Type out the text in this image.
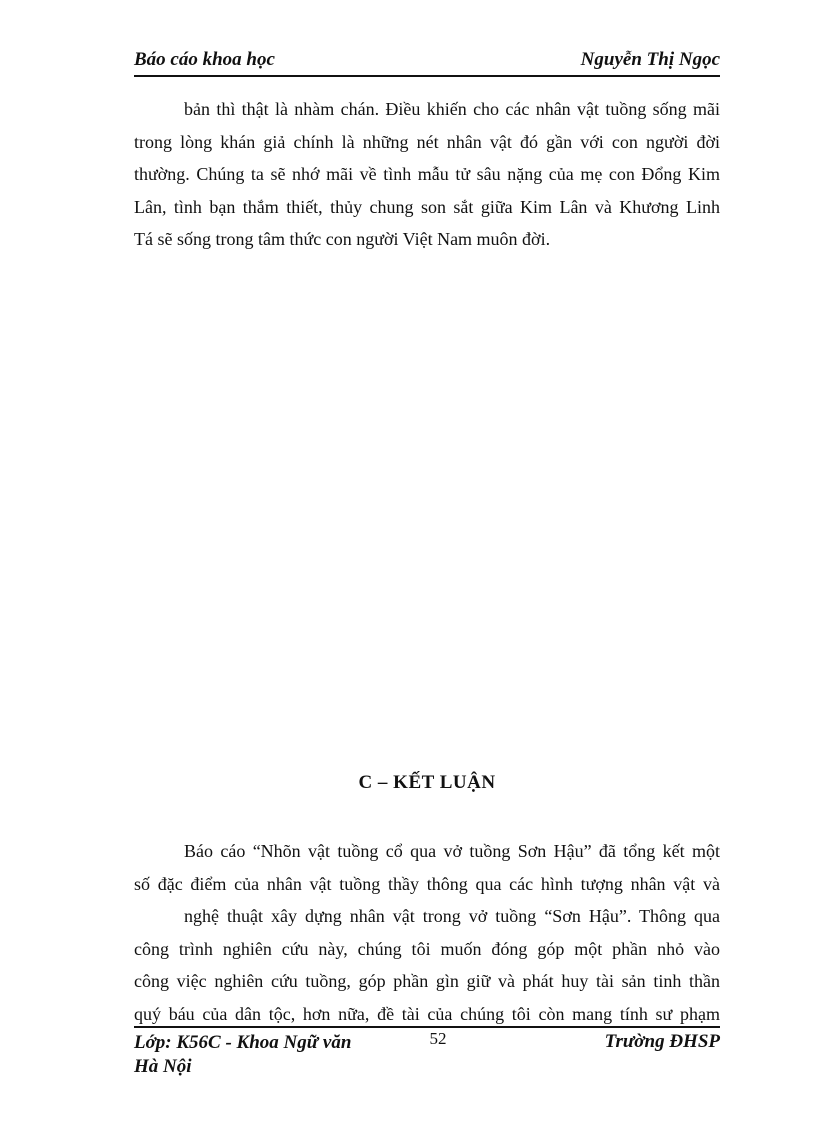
Báo cáo khoa học	Nguyễn Thị Ngọc
bản thì thật là nhàm chán. Điều khiến cho các nhân vật tuồng sống mãi
trong lòng khán giả chính là những nét nhân vật đó gần với con người đời
thường. Chúng ta sẽ nhớ mãi về tình mẫu tử sâu nặng của mẹ con Đổng Kim
Lân, tình bạn thắm thiết, thủy chung son sắt giữa Kim Lân và Khương Linh
Tá sẽ sống trong tâm thức con người Việt Nam muôn đời.
C – KẾT LUẬN
Báo cáo “Nhõn vật tuồng cổ qua vở tuồng Sơn Hậu” đã tổng kết một
số đặc điểm của nhân vật tuồng thầy thông qua các hình tượng nhân vật và
nghệ thuật xây dựng nhân vật trong vở tuồng “Sơn Hậu”. Thông qua
công trình nghiên cứu này, chúng tôi muốn đóng góp một phần nhỏ vào
công việc nghiên cứu tuồng, góp phần gìn giữ và phát huy tài sản tinh thần
quý báu của dân tộc, hơn nữa, đề tài của chúng tôi còn mang tính sư phạm
Lớp: K56C - Khoa Ngữ văn
Hà Nội
52	Trường ĐHSP
